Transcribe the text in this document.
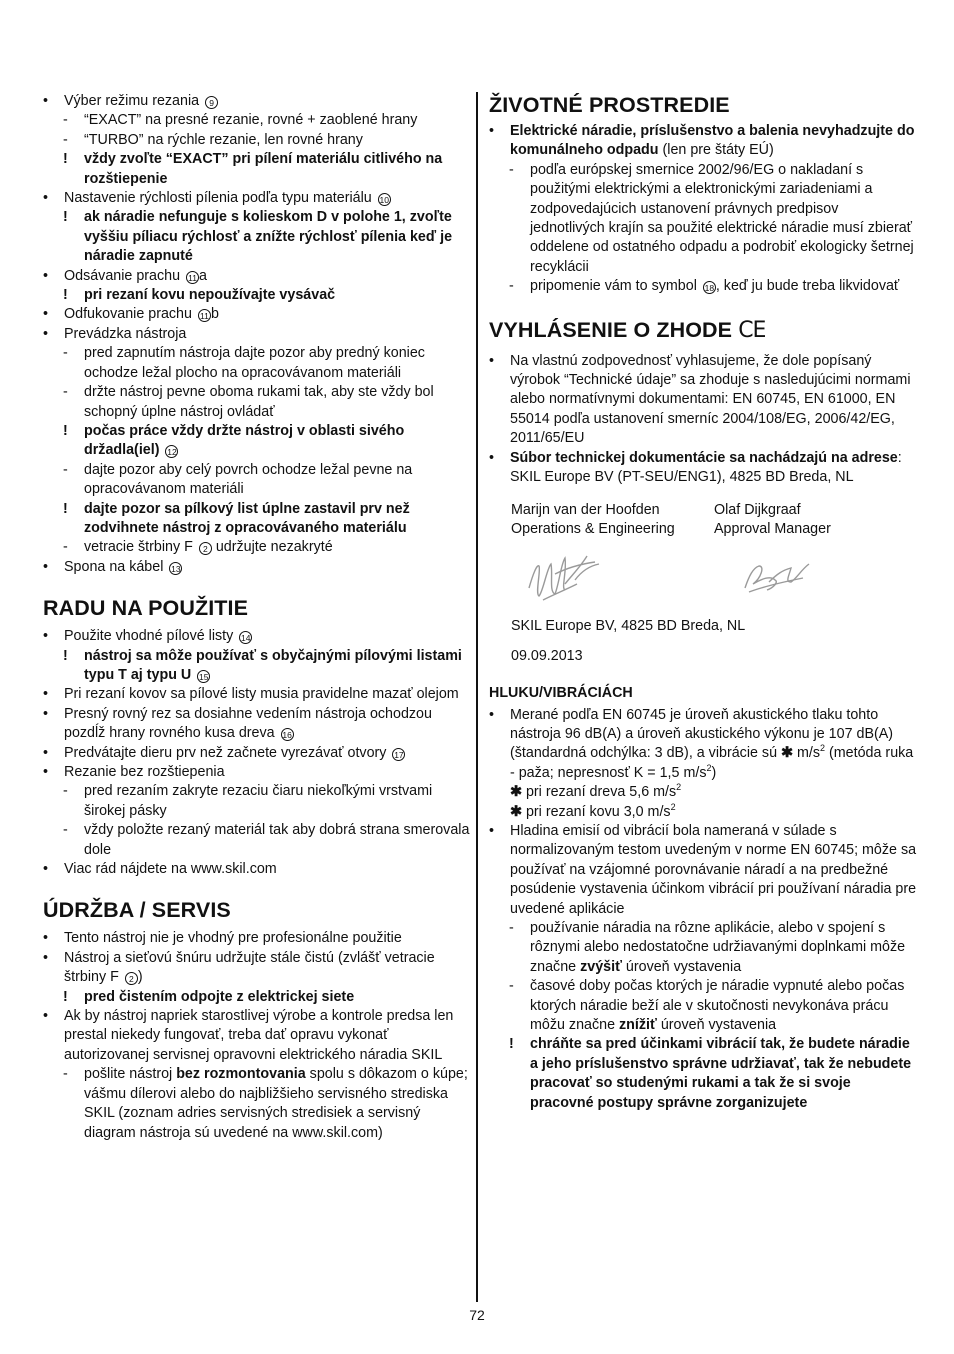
•	Výber režimu rezania 9
-	“EXACT” na presné rezanie, rovné + zaoblené hrany
-	“TURBO” na rýchle rezanie, len rovné hrany
!	vždy zvoľte “EXACT” pri pílení materiálu citlivého na rozštiepenie
•	Nastavenie rýchlosti pílenia podľa typu materiálu 10
!	ak náradie nefunguje s kolieskom D v polohe 1, zvoľte vyššiu píliacu rýchlosť a znížte rýchlosť pílenia keď je náradie zapnuté
•	Odsávanie prachu 11 a
!	pri rezaní kovu nepoužívajte vysávač
•	Odfukovanie prachu 11 b
•	Prevádzka nástroja
-	pred zapnutím nástroja dajte pozor aby predný koniec ochodze ležal plocho na opracovávanom materiáli
-	držte nástroj pevne oboma rukami tak, aby ste vždy bol schopný úplne nástroj ovládať
!	počas práce vždy držte nástroj v oblasti sivého držadla(iel) 12
-	dajte pozor aby celý povrch ochodze ležal pevne na opracovávanom materiáli
!	dajte pozor sa pílkový list úplne zastavil prv než zodvihnete nástroj z opracovávaného materiálu
-	vetracie štrbiny F 2 udržujte nezakryté
•	Spona na kábel 13
RADU NA POUŽITIE
•	Použite vhodné pílové listy 14
!	nástroj sa môže používať s obyčajnými pílovými listami typu T aj typu U 15
•	Pri rezaní kovov sa pílové listy musia pravidelne mazať olejom
•	Presný rovný rez sa dosiahne vedením nástroja ochodzou pozdĺž hrany rovného kusa dreva 16
•	Predvátajte dieru prv než začnete vyrezávať otvory 17
•	Rezanie bez rozštiepenia
-	pred rezaním zakryte rezaciu čiaru niekoľkými vrstvami širokej pásky
-	vždy položte rezaný materiál tak aby dobrá strana smerovala dole
•	Viac rád nájdete na www.skil.com
ÚDRŽBA / SERVIS
•	Tento nástroj nie je vhodný pre profesionálne použitie
•	Nástroj a sieťovú šnúru udržujte stále čistú (zvlášť vetracie štrbiny F 2 )
!	pred čistením odpojte z elektrickej siete
•	Ak by nástroj napriek starostlivej výrobe a kontrole predsa len prestal niekedy fungovať, treba dať opravu vykonať autorizovanej servisnej opravovni elektrického náradia SKIL
-	pošlite nástroj bez rozmontovania spolu s dôkazom o kúpe; vášmu dílerovi alebo do najbližšieho servisného strediska SKIL (zoznam adries servisných stredisiek a servisný diagram nástroja sú uvedené na www.skil.com)
ŽIVOTNÉ PROSTREDIE
•	Elektrické náradie, príslušenstvo a balenia nevyhadzujte do komunálneho odpadu (len pre štáty EÚ)
-	podľa európskej smernice 2002/96/EG o nakladaní s použitými elektrickými a elektronickými zariadeniami a zodpovedajúcich ustanovení právnych predpisov jednotlivých krajín sa použité elektrické náradie musí zbierať oddelene od ostatného odpadu a podrobiť ekologicky šetrnej recyklácii
-	pripomenie vám to symbol 18 , keď ju bude treba likvidovať
VYHLÁSENIE O ZHODE CE
•	Na vlastnú zodpovednosť vyhlasujeme, že dole popísaný výrobok “Technické údaje” sa zhoduje s nasledujúcimi normami alebo normatívnymi dokumentami: EN 60745, EN 61000, EN 55014 podľa ustanovení smerníc 2004/108/EG, 2006/42/EG, 2011/65/EU
•	Súbor technickej dokumentácie sa nachádzajú na adrese: SKIL Europe BV (PT-SEU/ENG1), 4825 BD Breda, NL
Marijn van der Hoofden
Operations & Engineering
Olaf Dijkgraaf
Approval Manager
SKIL Europe BV, 4825 BD Breda, NL
09.09.2013
HLUKU/VIBRÁCIÁCH
•	Merané podľa EN 60745 je úroveň akustického tlaku tohto nástroja 96 dB(A) a úroveň akustického výkonu je 107 dB(A) (štandardná odchýlka: 3 dB), a vibrácie sú ✱ $m/s^2$ (metóda ruka - paža; nepresnosť K = 1,5 $m/s^2$)
✱ pri rezaní dreva 5,6 $m/s^2$
✱ pri rezaní kovu 3,0 $m/s^2$
•	Hladina emisií od vibrácií bola nameraná v súlade s normalizovaným testom uvedeným v norme EN 60745; môže sa používať na vzájomné porovnávanie náradí a na predbežné posúdenie vystavenia účinkom vibrácií pri používaní náradia pre uvedené aplikácie
-	používanie náradia na rôzne aplikácie, alebo v spojení s rôznymi alebo nedostatočne udržiavanými doplnkami môže značne zvýšiť úroveň vystavenia
-	časové doby počas ktorých je náradie vypnuté alebo počas ktorých náradie beží ale v skutočnosti nevykonáva prácu môžu značne znížiť úroveň vystavenia
!	chráňte sa pred účinkami vibrácií tak, že budete náradie a jeho príslušenstvo správne udržiavať, tak že nebudete pracovať so studenými rukami a tak že si svoje pracovné postupy správne zorganizujete
72
